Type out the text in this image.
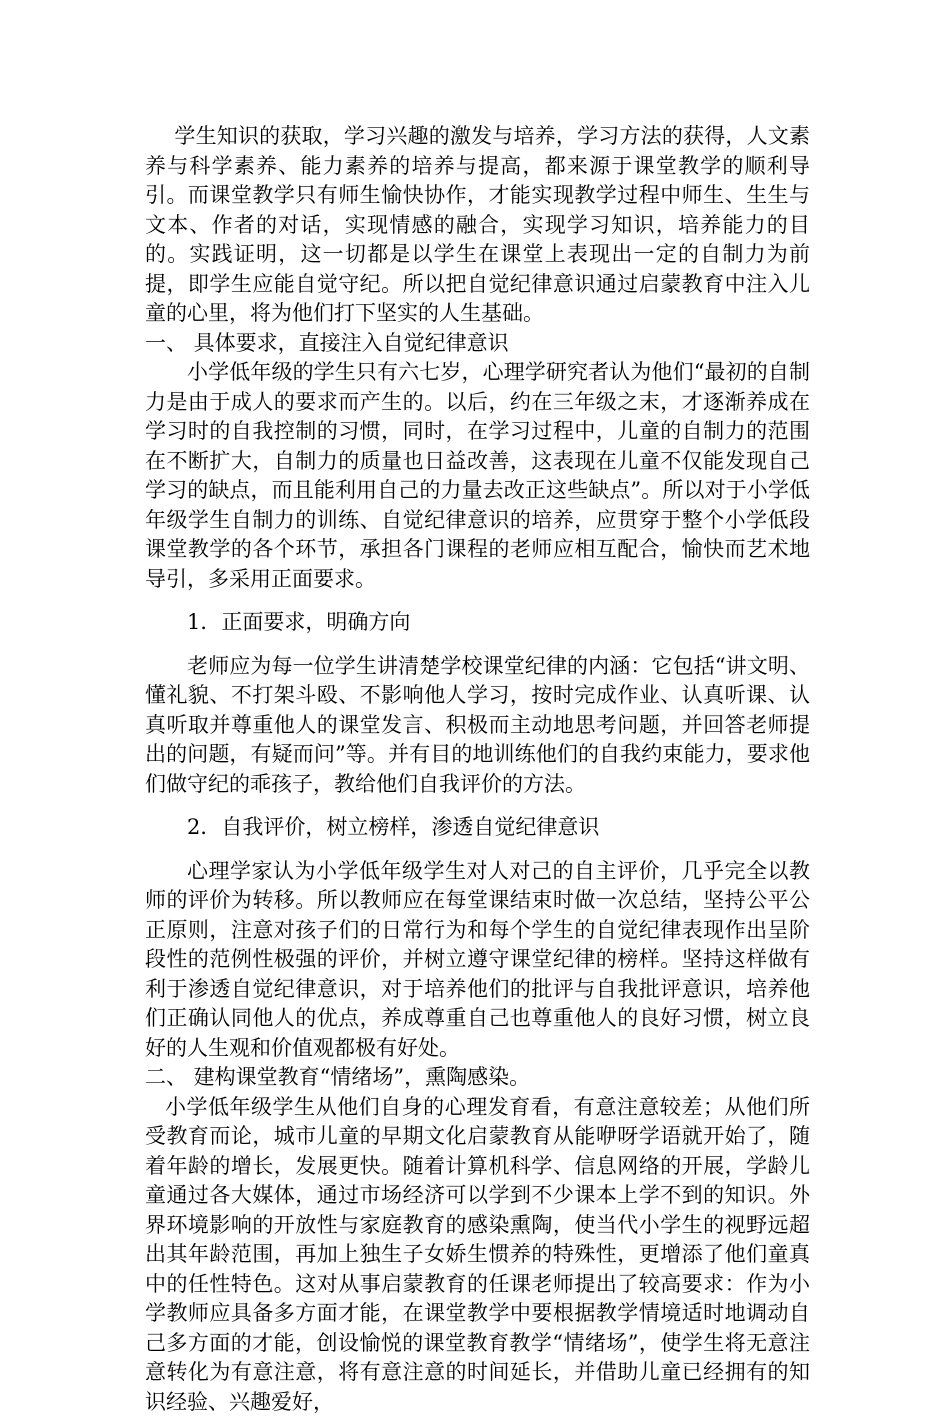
学生知识的获取，学习兴趣的激发与培养，学习方法的获得，人文素养与科学素养、能力素养的培养与提高，都来源于课堂教学的顺利导引。而课堂教学只有师生愉快协作，才能实现教学过程中师生、生生与文本、作者的对话，实现情感的融合，实现学习知识，培养能力的目的。实践证明，这一切都是以学生在课堂上表现出一定的自制力为前提，即学生应能自觉守纪。所以把自觉纪律意识通过启蒙教育中注入儿童的心里，将为他们打下坚实的人生基础。

一、 具体要求，直接注入自觉纪律意识

小学低年级的学生只有六七岁，心理学研究者认为他们“最初的自制力是由于成人的要求而产生的。以后，约在三年级之末，才逐渐养成在学习时的自我控制的习惯，同时，在学习过程中，儿童的自制力的范围在不断扩大，自制力的质量也日益改善，这表现在儿童不仅能发现自己学习的缺点，而且能利用自己的力量去改正这些缺点”。所以对于小学低年级学生自制力的训练、自觉纪律意识的培养，应贯穿于整个小学低段课堂教学的各个环节，承担各门课程的老师应相互配合，愉快而艺术地导引，多采用正面要求。

1．正面要求，明确方向

老师应为每一位学生讲清楚学校课堂纪律的内涵：它包括“讲文明、懂礼貌、不打架斗殴、不影响他人学习，按时完成作业、认真听课、认真听取并尊重他人的课堂发言、积极而主动地思考问题，并回答老师提出的问题，有疑而问”等。并有目的地训练他们的自我约束能力，要求他们做守纪的乖孩子，教给他们自我评价的方法。

2．自我评价，树立榜样，渗透自觉纪律意识

心理学家认为小学低年级学生对人对己的自主评价，几乎完全以教师的评价为转移。所以教师应在每堂课结束时做一次总结，坚持公平公正原则，注意对孩子们的日常行为和每个学生的自觉纪律表现作出呈阶段性的范例性极强的评价，并树立遵守课堂纪律的榜样。坚持这样做有利于渗透自觉纪律意识，对于培养他们的批评与自我批评意识，培养他们正确认同他人的优点，养成尊重自己也尊重他人的良好习惯，树立良好的人生观和价值观都极有好处。

二、 建构课堂教育“情绪场”，熏陶感染。

小学低年级学生从他们自身的心理发育看，有意注意较差；从他们所受教育而论，城市儿童的早期文化启蒙教育从能咿呀学语就开始了，随着年龄的增长，发展更快。随着计算机科学、信息网络的开展，学龄儿童通过各大媒体，通过市场经济可以学到不少课本上学不到的知识。外界环境影响的开放性与家庭教育的感染熏陶，使当代小学生的视野远超出其年龄范围，再加上独生子女娇生惯养的特殊性，更增添了他们童真中的任性特色。这对从事启蒙教育的任课老师提出了较高要求：作为小学教师应具备多方面才能，在课堂教学中要根据教学情境适时地调动自己多方面的才能，创设愉悦的课堂教育教学“情绪场”，使学生将无意注意转化为有意注意，将有意注意的时间延长，并借助儿童已经拥有的知识经验、兴趣爱好，
